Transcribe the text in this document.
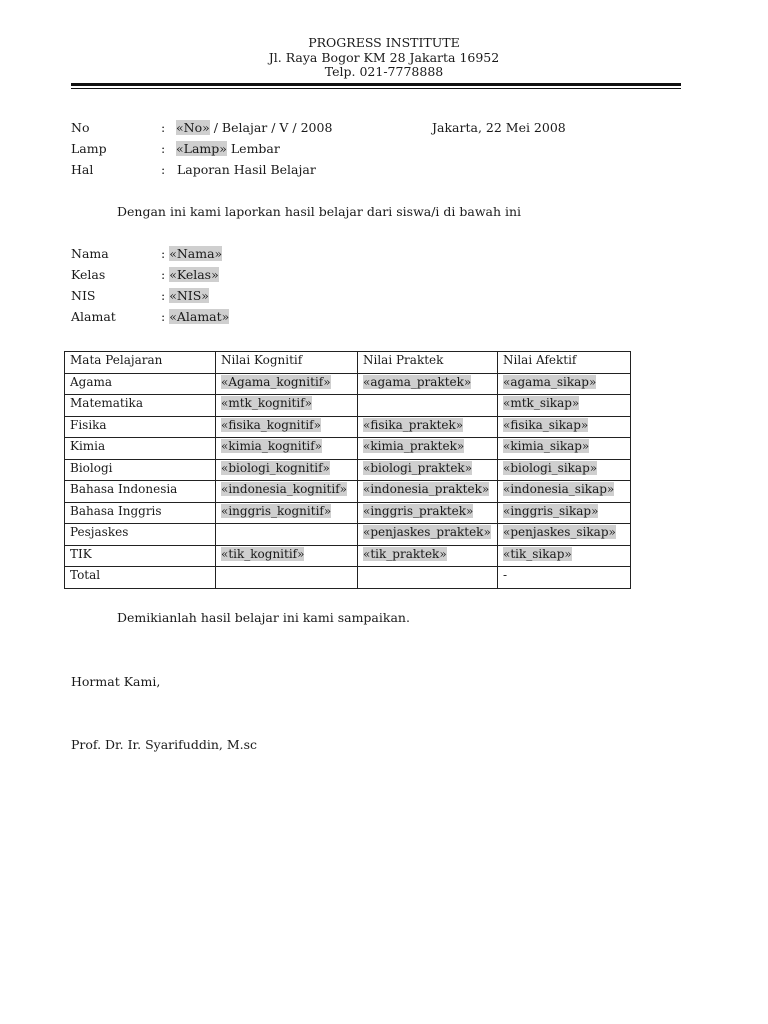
PROGRESS INSTITUTE
Jl. Raya Bogor KM 28 Jakarta 16952
Telp. 021-7778888
No	: «No» / Belajar / V / 2008	Jakarta, 22 Mei 2008
Lamp	: «Lamp» Lembar
Hal	: Laporan Hasil Belajar
Dengan ini kami laporkan hasil belajar dari siswa/i di bawah ini
Nama	: «Nama»
Kelas	: «Kelas»
NIS	: «NIS»
Alamat	: «Alamat»
Mata Pelajaran	Nilai Kognitif	Nilai Praktek	Nilai Afektif
Agama	«Agama_kognitif»	«agama_praktek»	«agama_sikap»
Matematika	«mtk_kognitif»		«mtk_sikap»
Fisika	«fisika_kognitif»	«fisika_praktek»	«fisika_sikap»
Kimia	«kimia_kognitif»	«kimia_praktek»	«kimia_sikap»
Biologi	«biologi_kognitif»	«biologi_praktek»	«biologi_sikap»
Bahasa Indonesia	«indonesia_kognitif»	«indonesia_praktek»	«indonesia_sikap»
Bahasa Inggris	«inggris_kognitif»	«inggris_praktek»	«inggris_sikap»
Pesjaskes		«penjaskes_praktek»	«penjaskes_sikap»
TIK	«tik_kognitif»	«tik_praktek»	«tik_sikap»
Total			-
Demikianlah hasil belajar ini kami sampaikan.
Hormat Kami,
Prof. Dr. Ir. Syarifuddin, M.sc
